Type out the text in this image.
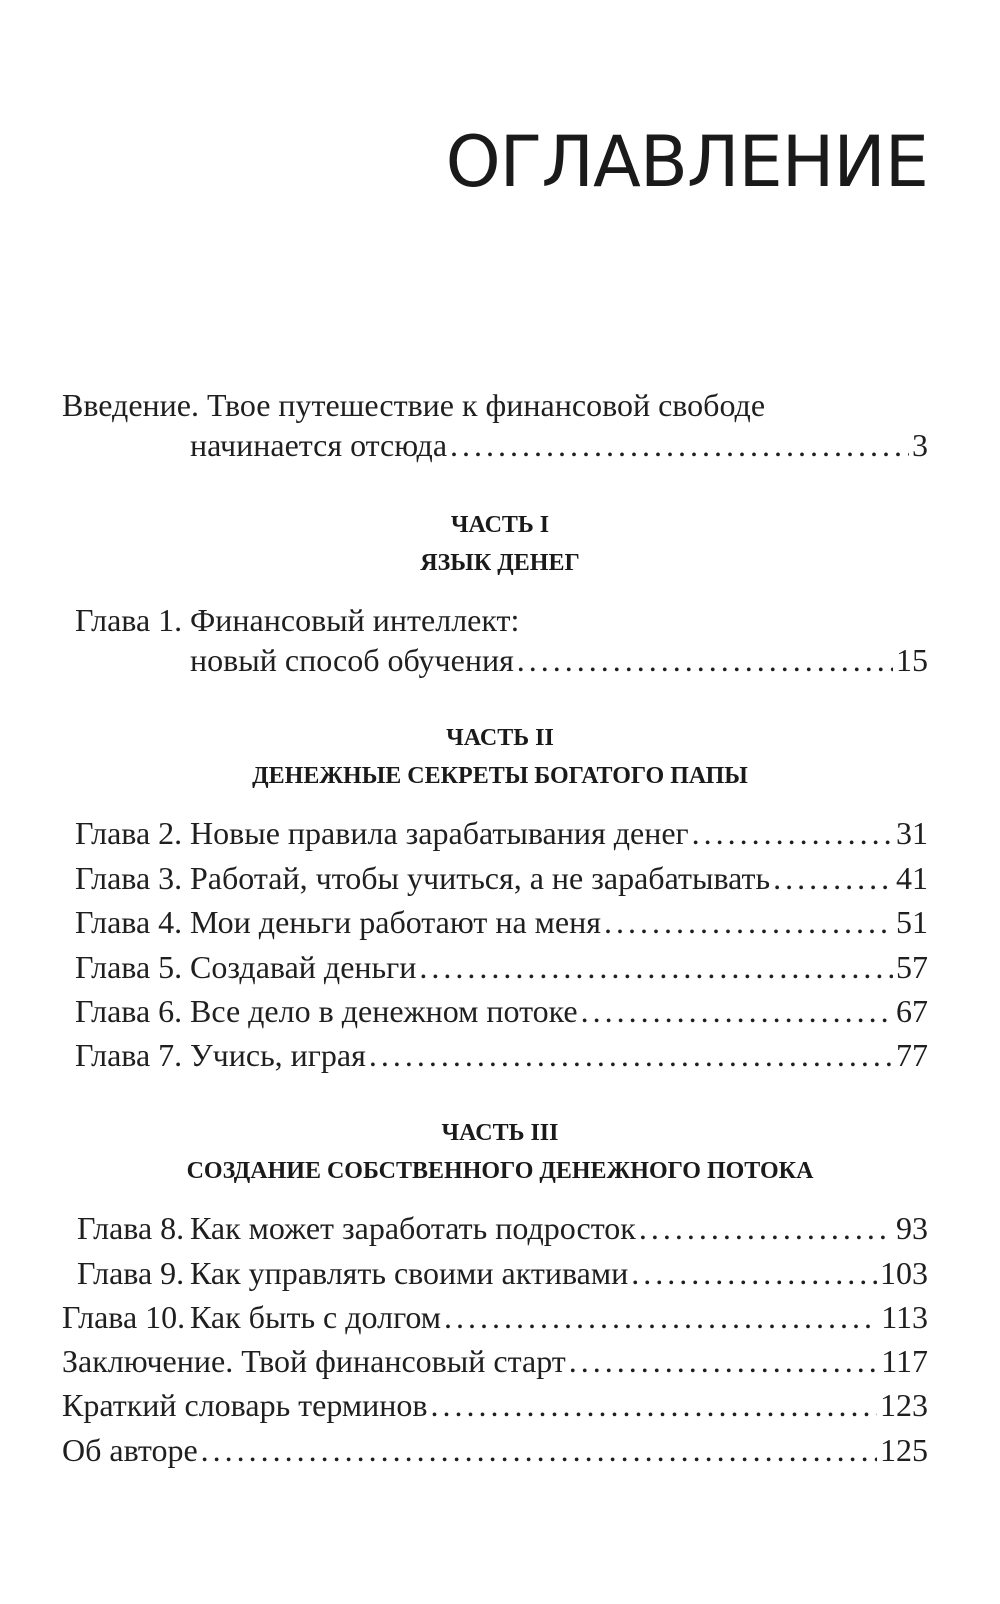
ОГЛАВЛЕНИЕ
Введение. Твое путешествие к финансовой свободе
начинается отсюда . . .	3
ЧАСТЬ I
ЯЗЫК ДЕНЕГ
Глава 1. Финансовый интеллект:
новый способ обучения . . .	15
ЧАСТЬ II
ДЕНЕЖНЫЕ СЕКРЕТЫ БОГАТОГО ПАПЫ
Глава 2. Новые правила зарабатывания денег . . .	31
Глава 3. Работай, чтобы учиться, а не зарабатывать . . .	41
Глава 4. Мои деньги работают на меня . . .	51
Глава 5. Создавай деньги . . .	57
Глава 6. Все дело в денежном потоке . . .	67
Глава 7. Учись, играя . . .	77
ЧАСТЬ III
СОЗДАНИЕ СОБСТВЕННОГО ДЕНЕЖНОГО ПОТОКА
Глава 8. Как может заработать подросток . . .	93
Глава 9. Как управлять своими активами . . .	103
Глава 10. Как быть с долгом . . .	113
Заключение. Твой финансовый старт . . .	117
Краткий словарь терминов . . .	123
Об авторе . . .	125
